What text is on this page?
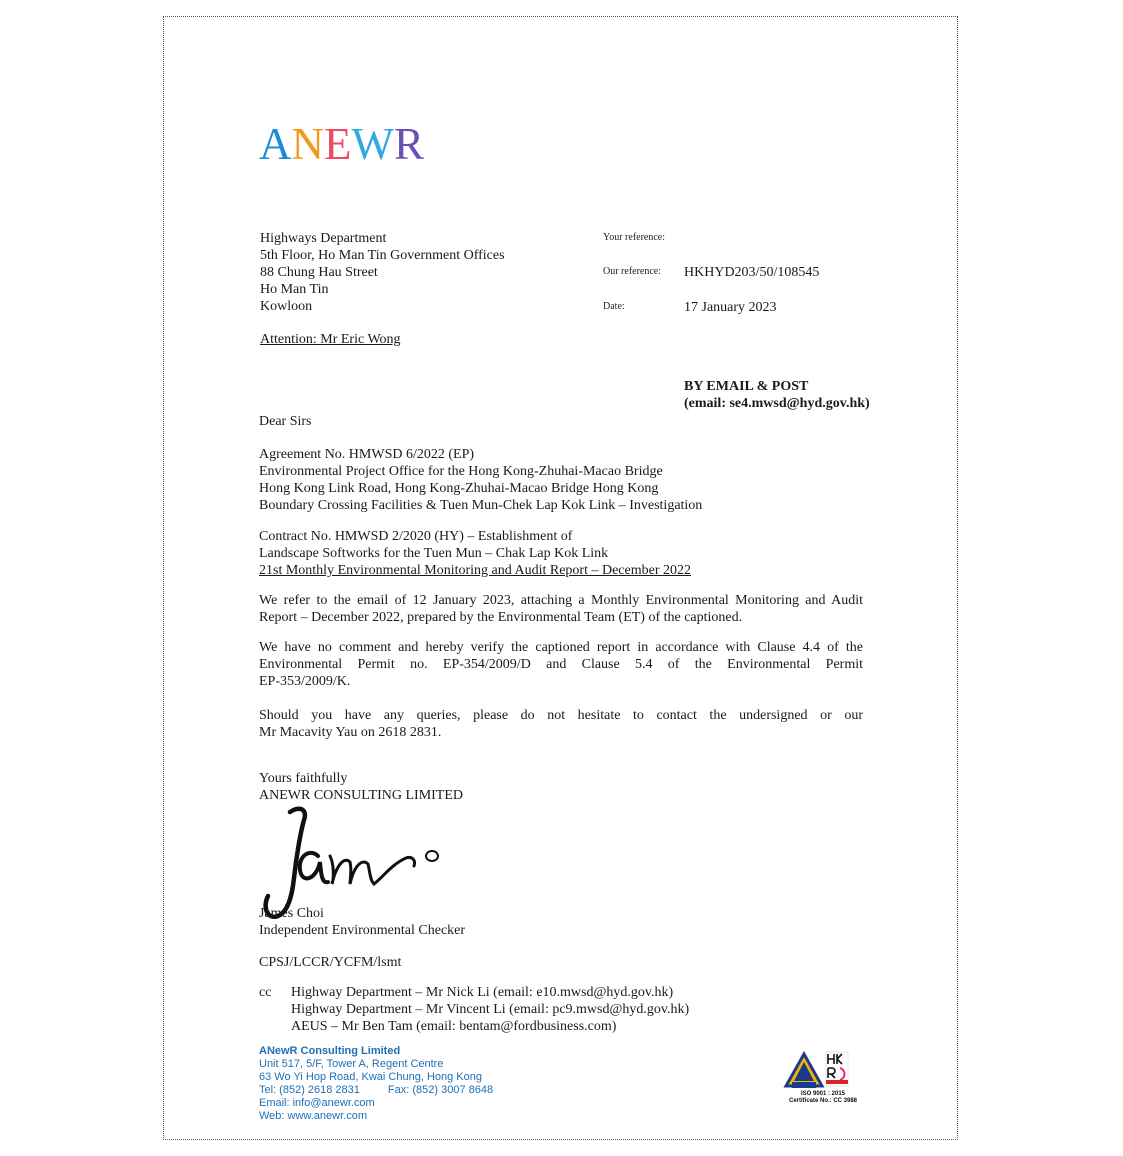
ANEWR
Highways Department
5th Floor, Ho Man Tin Government Offices
88 Chung Hau Street
Ho Man Tin
Kowloon
Attention: Mr Eric Wong
Your reference:
Our reference: HKHYD203/50/108545
Date:	17 January 2023
BY EMAIL & POST
(email: se4.mwsd@hyd.gov.hk)
Dear Sirs
Agreement No. HMWSD 6/2022 (EP)
Environmental Project Office for the Hong Kong-Zhuhai-Macao Bridge
Hong Kong Link Road, Hong Kong-Zhuhai-Macao Bridge Hong Kong
Boundary Crossing Facilities & Tuen Mun-Chek Lap Kok Link – Investigation
Contract No. HMWSD 2/2020 (HY) – Establishment of
Landscape Softworks for the Tuen Mun – Chak Lap Kok Link
21st Monthly Environmental Monitoring and Audit Report – December 2022
We refer to the email of 12 January 2023, attaching a Monthly Environmental Monitoring and Audit
Report – December 2022, prepared by the Environmental Team (ET) of the captioned.
We have no comment and hereby verify the captioned report in accordance with Clause 4.4 of the
Environmental Permit no. EP-354/2009/D and Clause 5.4 of the Environmental Permit
EP-353/2009/K.
Should you have any queries, please do not hesitate to contact the undersigned or our
Mr Macavity Yau on 2618 2831.
Yours faithfully
ANEWR CONSULTING LIMITED
James Choi
Independent Environmental Checker
CPSJ/LCCR/YCFM/lsmt
cc Highway Department – Mr Nick Li (email: e10.mwsd@hyd.gov.hk)
Highway Department – Mr Vincent Li (email: pc9.mwsd@hyd.gov.hk)
AEUS – Mr Ben Tam (email: bentam@fordbusiness.com)
ANewR Consulting Limited
Unit 517, 5/F, Tower A, Regent Centre
63 Wo Yi Hop Road, Kwai Chung, Hong Kong
Tel: (852) 2618 2831	Fax: (852) 3007 8648
Email: info@anewr.com
Web: www.anewr.com
ISO 9001 : 2015
Certificate No.: CC 3988
